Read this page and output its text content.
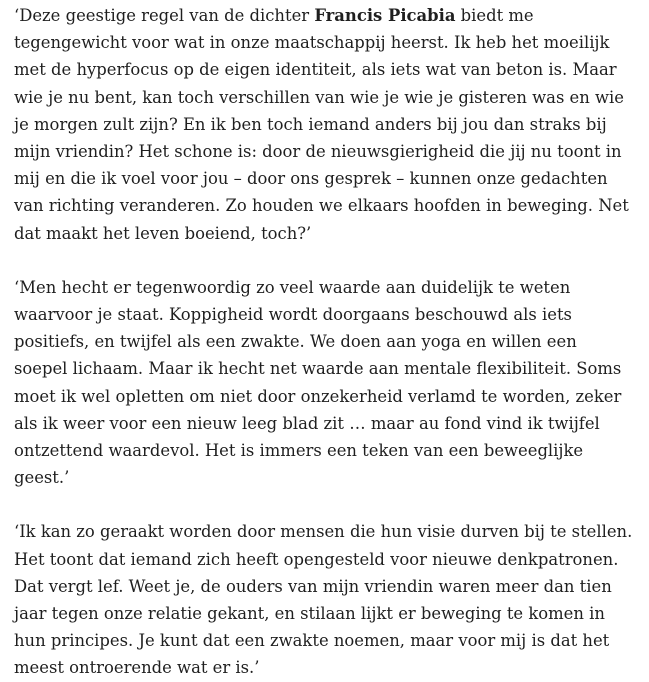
‘Deze geestige regel van de dichter Francis Picabia biedt me tegengewicht voor wat in onze maatschappij heerst. Ik heb het moeilijk met de hyperfocus op de eigen identiteit, als iets wat van beton is. Maar wie je nu bent, kan toch verschillen van wie je wie je gisteren was en wie je morgen zult zijn? En ik ben toch iemand anders bij jou dan straks bij mijn vriendin? Het schone is: door de nieuwsgierigheid die jij nu toont in mij en die ik voel voor jou – door ons gesprek – kunnen onze gedachten van richting veranderen. Zo houden we elkaars hoofden in beweging. Net dat maakt het leven boeiend, toch?’

‘Men hecht er tegenwoordig zo veel waarde aan duidelijk te weten waarvoor je staat. Koppigheid wordt doorgaans beschouwd als iets positiefs, en twijfel als een zwakte. We doen aan yoga en willen een soepel lichaam. Maar ik hecht net waarde aan mentale flexibiliteit. Soms moet ik wel opletten om niet door onzekerheid verlamd te worden, zeker als ik weer voor een nieuw leeg blad zit … maar au fond vind ik twijfel ontzettend waardevol. Het is immers een teken van een beweeglijke geest.’

‘Ik kan zo geraakt worden door mensen die hun visie durven bij te stellen. Het toont dat iemand zich heeft opengesteld voor nieuwe denkpatronen. Dat vergt lef. Weet je, de ouders van mijn vriendin waren meer dan tien jaar tegen onze relatie gekant, en stilaan lijkt er beweging te komen in hun principes. Je kunt dat een zwakte noemen, maar voor mij is dat het meest ontroerende wat er is.’
